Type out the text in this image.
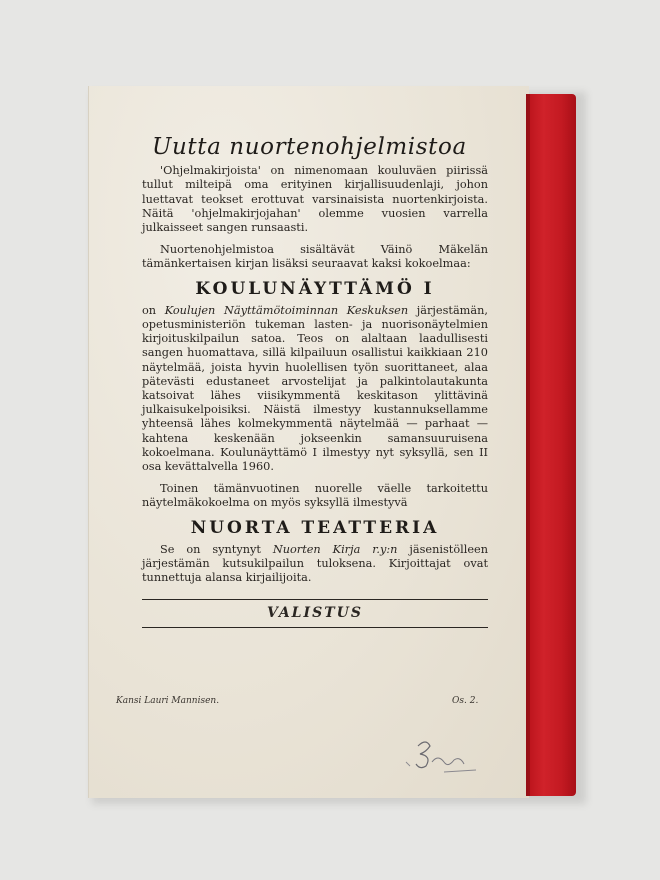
Uutta nuortenohjelmistoa

'Ohjelmakirjoista' on nimenomaan kouluväen piirissä tullut milteipä oma erityinen kirjallisuudenlaji, johon luettavat teokset erottuvat varsinaisista nuortenkirjoista. Näitä 'ohjelmakirjojahan' olemme vuosien varrella julkaisseet sangen runsaasti.

Nuortenohjelmistoa sisältävät Väinö Mäkelän tämänkertaisen kirjan lisäksi seuraavat kaksi kokoelmaa:

KOULUNÄYTTÄMÖ I

on Koulujen Näyttämötoiminnan Keskuksen järjestämän, opetusministeriön tukeman lasten- ja nuorisonäytelmien kirjoituskilpailun satoa. Teos on alaltaan laadullisesti sangen huomattava, sillä kilpailuun osallistui kaikkiaan 210 näytelmää, joista hyvin huolellisen työn suorittaneet, alaa pätevästi edustaneet arvostelijat ja palkintolautakunta katsoivat lähes viisikymmentä keskitason ylittävinä julkaisukelpoisiksi. Näistä ilmestyy kustannuksellamme yhteensä lähes kolmekymmentä näytelmää — parhaat — kahtena keskenään jokseenkin samansuuruisena kokoelmana. Koulunäyttämö I ilmestyy nyt syksyllä, sen II osa kevättalvella 1960.

Toinen tämänvuotinen nuorelle väelle tarkoitettu näytelmäkokoelma on myös syksyllä ilmestyvä

NUORTA TEATTERIA

Se on syntynyt Nuorten Kirja r.y:n jäsenistölleen järjestämän kutsukilpailun tuloksena. Kirjoittajat ovat tunnettuja alansa kirjailijoita.

VALISTUS
Kansi Lauri Mannisen.	Os. 2.
